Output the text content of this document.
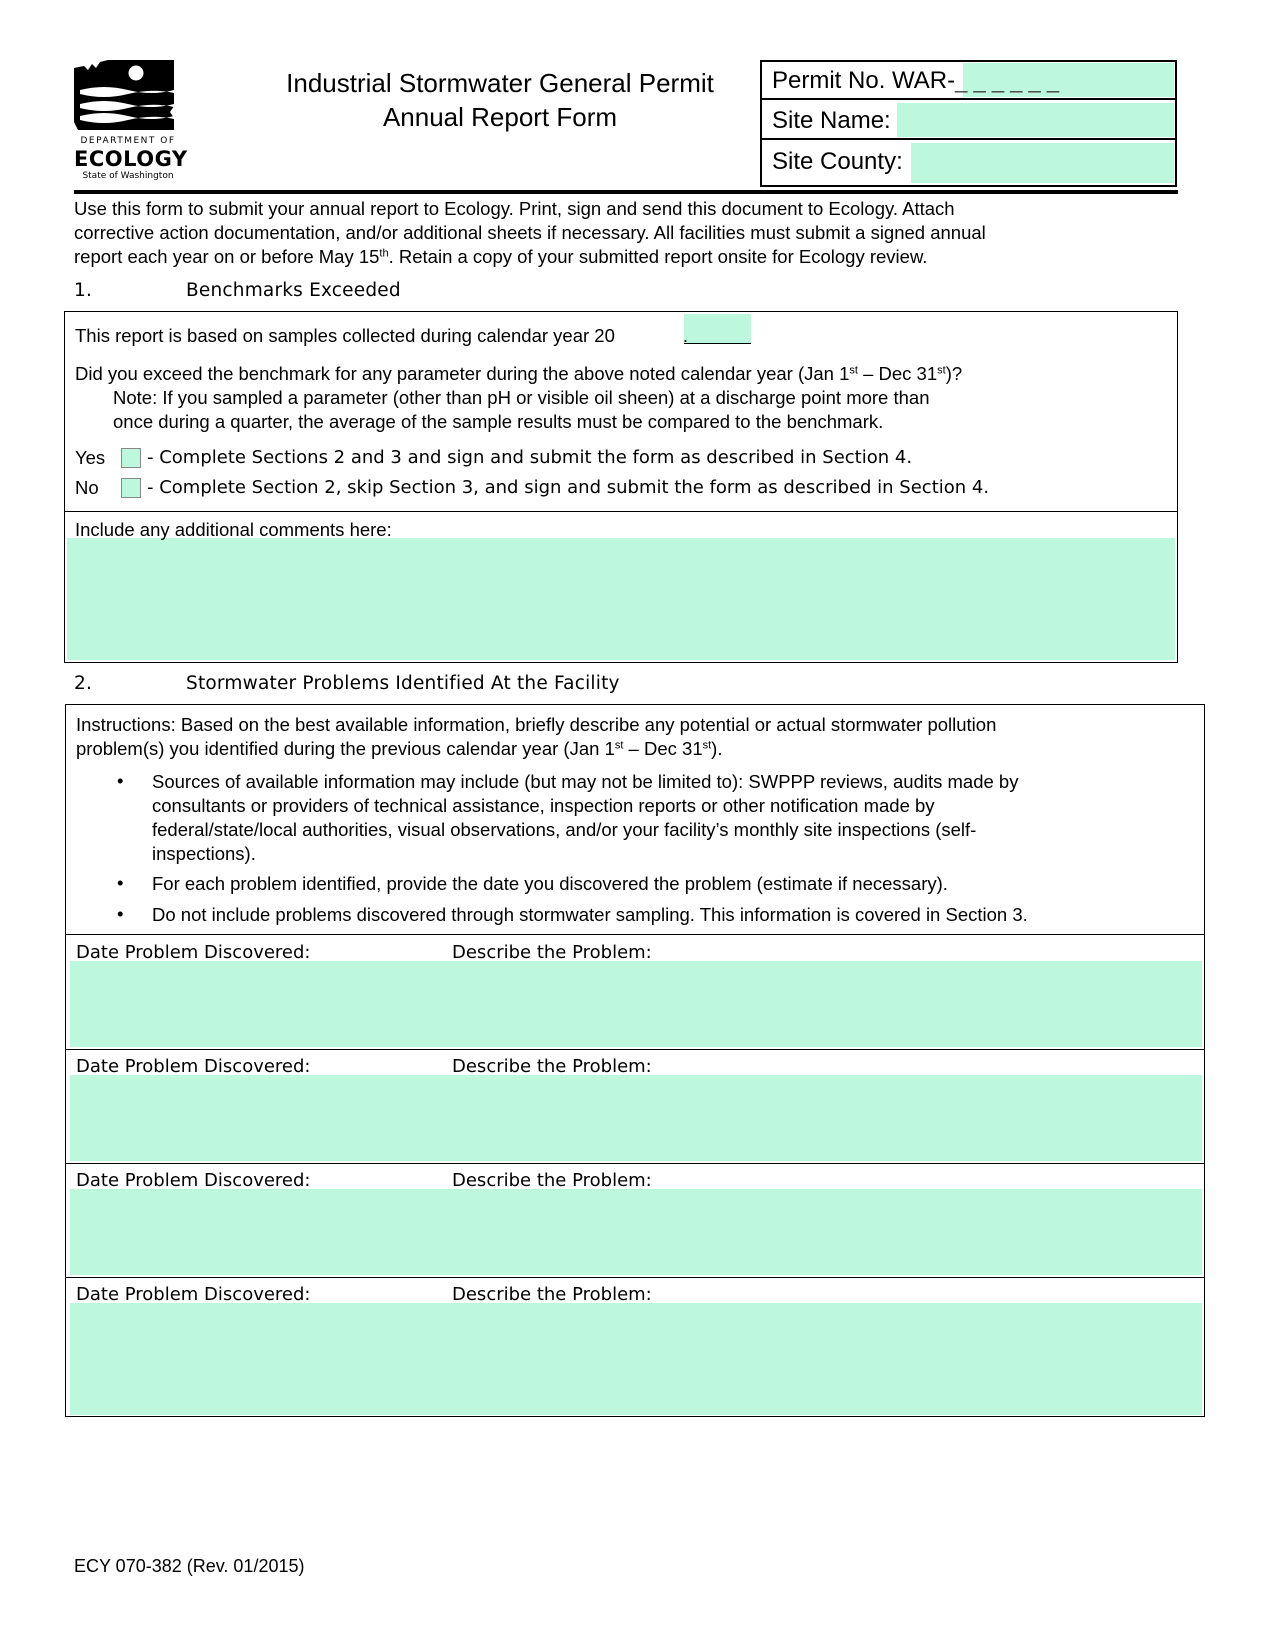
DEPARTMENT OF
ECOLOGY
State of Washington
Industrial Stormwater General Permit
Annual Report Form
Permit No. WAR-_ _ _ _ _ _
Site Name:
Site County:
Use this form to submit your annual report to Ecology. Print, sign and send this document to Ecology. Attach
corrective action documentation, and/or additional sheets if necessary. All facilities must submit a signed annual
report each year on or before May 15th. Retain a copy of your submitted report onsite for Ecology review.
1.	Benchmarks Exceeded
This report is based on samples collected during calendar year 20	.
Did you exceed the benchmark for any parameter during the above noted calendar year (Jan 1st – Dec 31st)?
Note: If you sampled a parameter (other than pH or visible oil sheen) at a discharge point more than
once during a quarter, the average of the sample results must be compared to the benchmark.
Yes - Complete Sections 2 and 3 and sign and submit the form as described in Section 4.
No	- Complete Section 2, skip Section 3, and sign and submit the form as described in Section 4.
Include any additional comments here:
2.	Stormwater Problems Identified At the Facility
Instructions: Based on the best available information, briefly describe any potential or actual stormwater pollution
problem(s) you identified during the previous calendar year (Jan 1st – Dec 31st).
• Sources of available information may include (but may not be limited to): SWPPP reviews, audits made by
consultants or providers of technical assistance, inspection reports or other notification made by
federal/state/local authorities, visual observations, and/or your facility’s monthly site inspections (self-
inspections).
• For each problem identified, provide the date you discovered the problem (estimate if necessary).
• Do not include problems discovered through stormwater sampling. This information is covered in Section 3.
Date Problem Discovered:	Describe the Problem:
Date Problem Discovered:	Describe the Problem:
Date Problem Discovered:	Describe the Problem:
Date Problem Discovered:	Describe the Problem:
ECY 070-382 (Rev. 01/2015)
